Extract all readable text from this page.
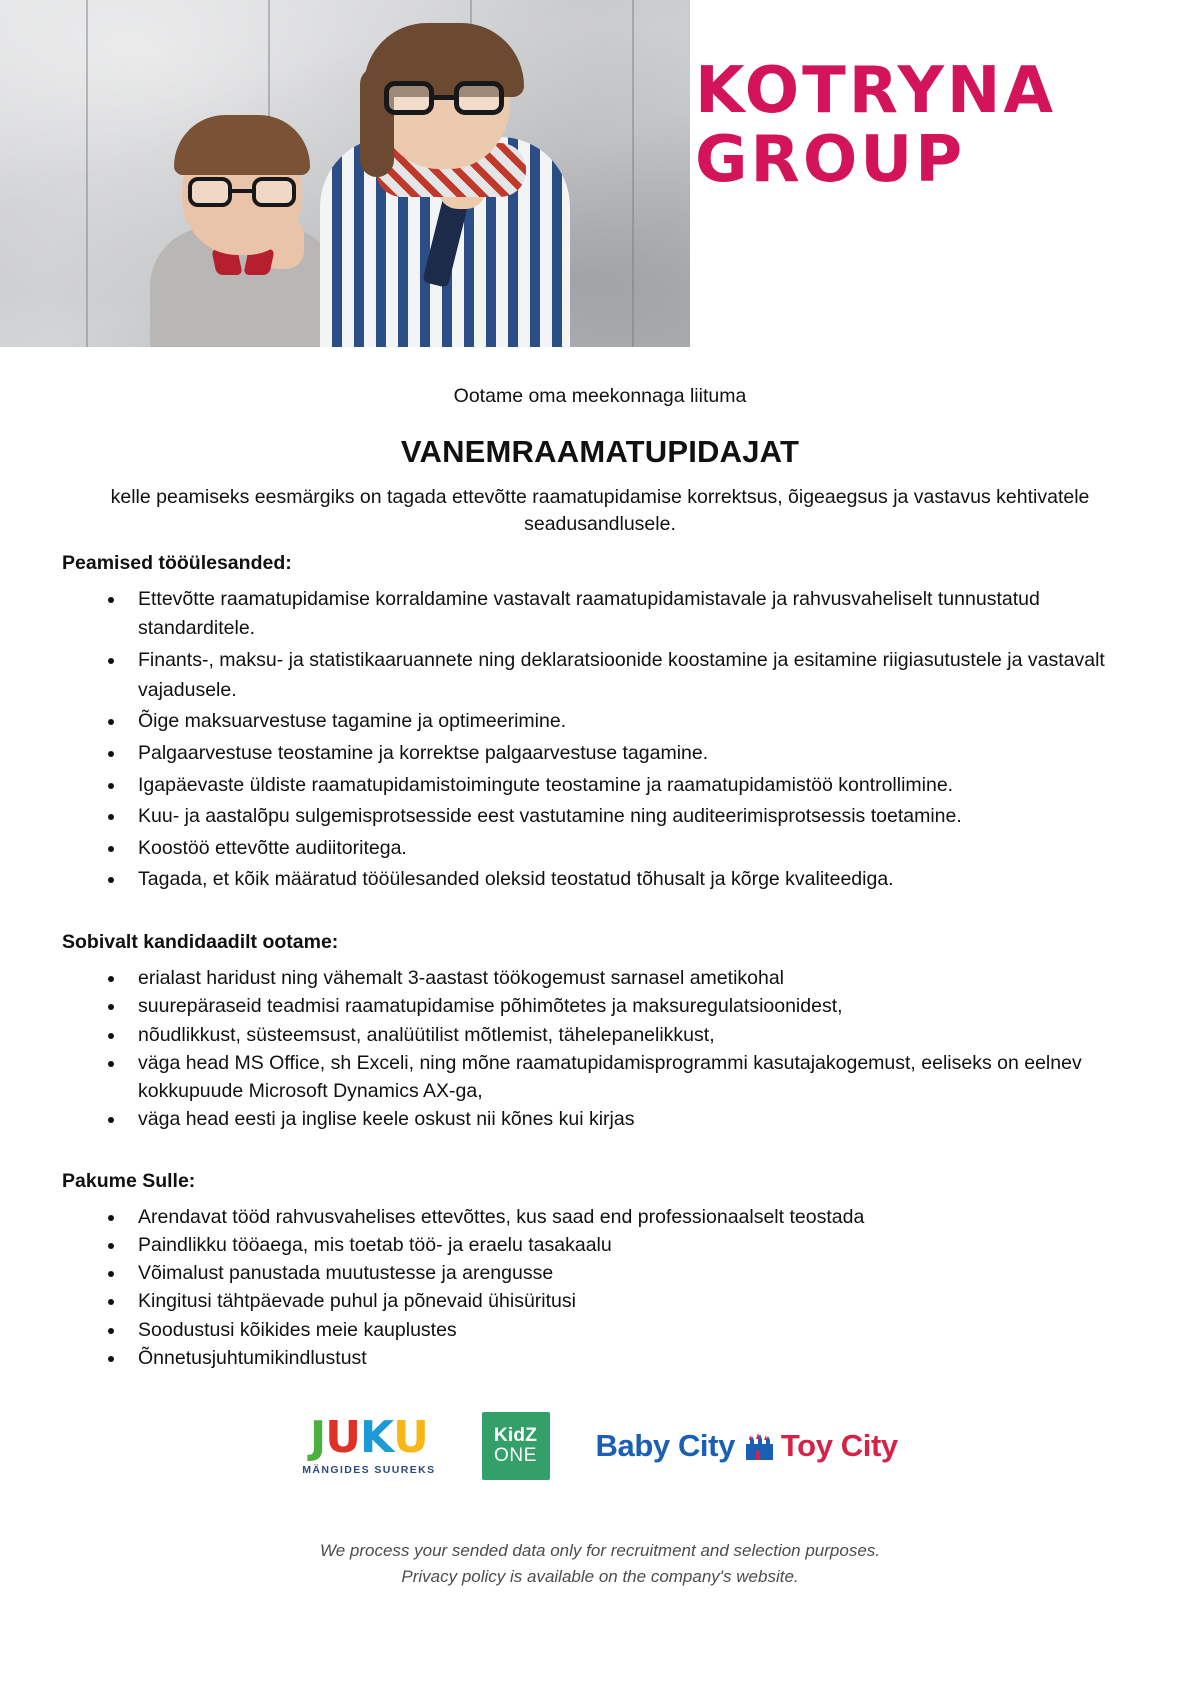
KOTRYNA
GROUP
Ootame oma meekonnaga liituma
VANEMRAAMATUPIDAJAT
kelle peamiseks eesmärgiks on tagada ettevõtte raamatupidamise korrektsus, õigeaegsus ja vastavus kehtivatele seadusandlusele.
Peamised tööülesanded:
Ettevõtte raamatupidamise korraldamine vastavalt raamatupidamistavale ja rahvusvaheliselt tunnustatud standarditele.
Finants-, maksu- ja statistikaaruannete ning deklaratsioonide koostamine ja esitamine riigiasutustele ja vastavalt vajadusele.
Õige maksuarvestuse tagamine ja optimeerimine.
Palgaarvestuse teostamine ja korrektse palgaarvestuse tagamine.
Igapäevaste üldiste raamatupidamistoimingute teostamine ja raamatupidamistöö kontrollimine.
Kuu- ja aastalõpu sulgemisprotsesside eest vastutamine ning auditeerimisprotsessis toetamine.
Koostöö ettevõtte audiitoritega.
Tagada, et kõik määratud tööülesanded oleksid teostatud tõhusalt ja kõrge kvaliteediga.
Sobivalt kandidaadilt ootame:
erialast haridust ning vähemalt 3-aastast töökogemust sarnasel ametikohal
suurepäraseid teadmisi raamatupidamise põhimõtetes ja maksuregulatsioonidest,
nõudlikkust, süsteemsust, analüütilist mõtlemist, tähelepanelikkust,
väga head MS Office, sh Exceli, ning mõne raamatupidamisprogrammi kasutajakogemust, eeliseks on eelnev kokkupuude Microsoft Dynamics AX-ga,
väga head eesti ja inglise keele oskust nii kõnes kui kirjas
Pakume Sulle:
Arendavat tööd rahvusvahelises ettevõttes, kus saad end professionaalselt teostada
Paindlikku tööaega, mis toetab töö- ja eraelu tasakaalu
Võimalust panustada muutustesse ja arengusse
Kingitusi tähtpäevade puhul ja põnevaid ühisüritusi
Soodustusi kõikides meie kauplustes
Õnnetusjuhtumikindlustust
JUKU
MÄNGIDES SUUREKS
KidZ
ONE Baby City Toy City
We process your sended data only for recruitment and selection purposes.
Privacy policy is available on the company's website.
